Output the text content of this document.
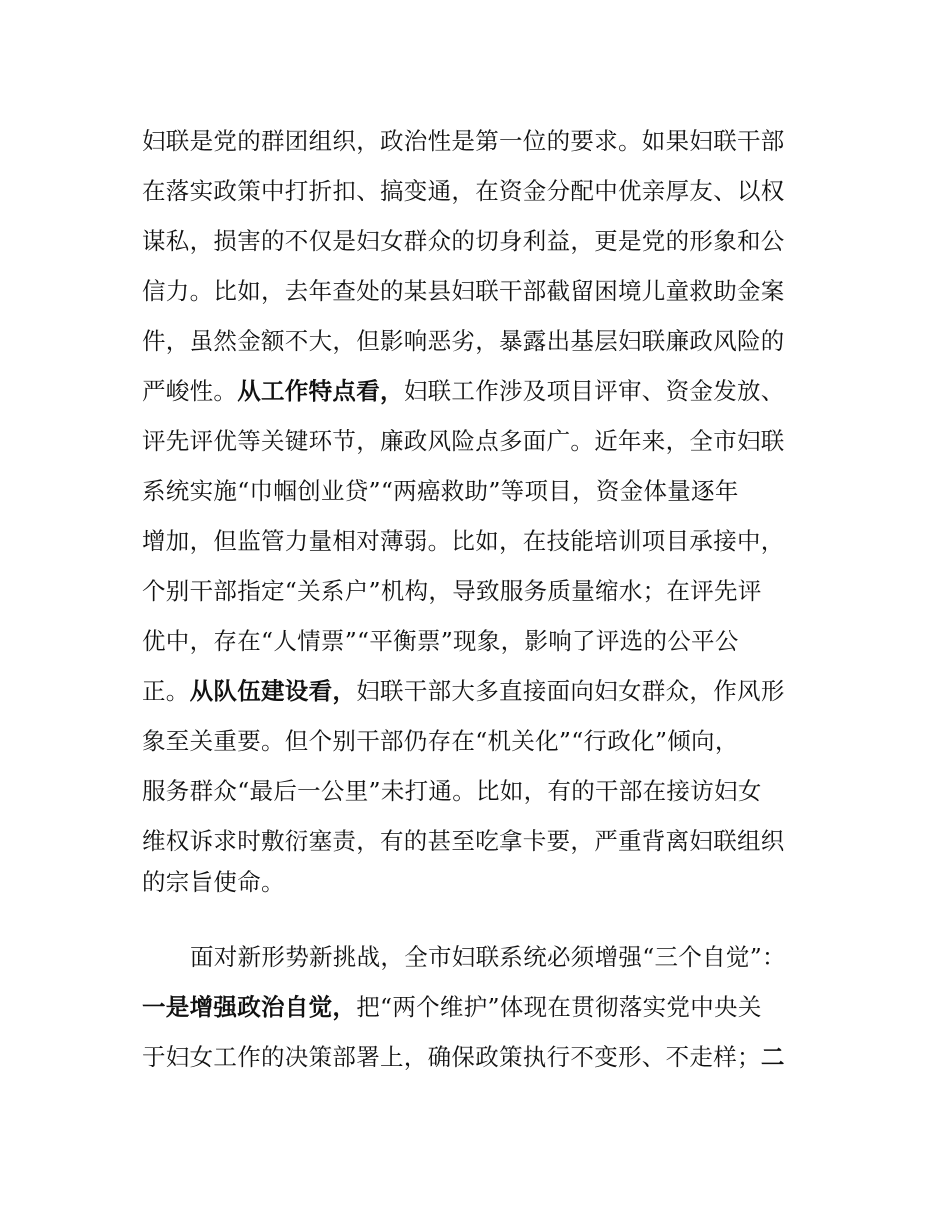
妇联是党的群团组织，政治性是第一位的要求。如果妇联干部
在落实政策中打折扣、搞变通，在资金分配中优亲厚友、以权
谋私，损害的不仅是妇女群众的切身利益，更是党的形象和公
信力。比如，去年查处的某县妇联干部截留困境儿童救助金案
件，虽然金额不大，但影响恶劣，暴露出基层妇联廉政风险的
严峻性。从工作特点看，妇联工作涉及项目评审、资金发放、
评先评优等关键环节，廉政风险点多面广。近年来，全市妇联
系统实施“巾帼创业贷”“两癌救助”等项目，资金体量逐年
增加，但监管力量相对薄弱。比如，在技能培训项目承接中，
个别干部指定“关系户”机构，导致服务质量缩水；在评先评
优中，存在“人情票”“平衡票”现象，影响了评选的公平公
正。从队伍建设看，妇联干部大多直接面向妇女群众，作风形
象至关重要。但个别干部仍存在“机关化”“行政化”倾向，
服务群众“最后一公里”未打通。比如，有的干部在接访妇女
维权诉求时敷衍塞责，有的甚至吃拿卡要，严重背离妇联组织
的宗旨使命。
面对新形势新挑战，全市妇联系统必须增强“三个自觉”：
一是增强政治自觉，把“两个维护”体现在贯彻落实党中央关
于妇女工作的决策部署上，确保政策执行不变形、不走样；二
